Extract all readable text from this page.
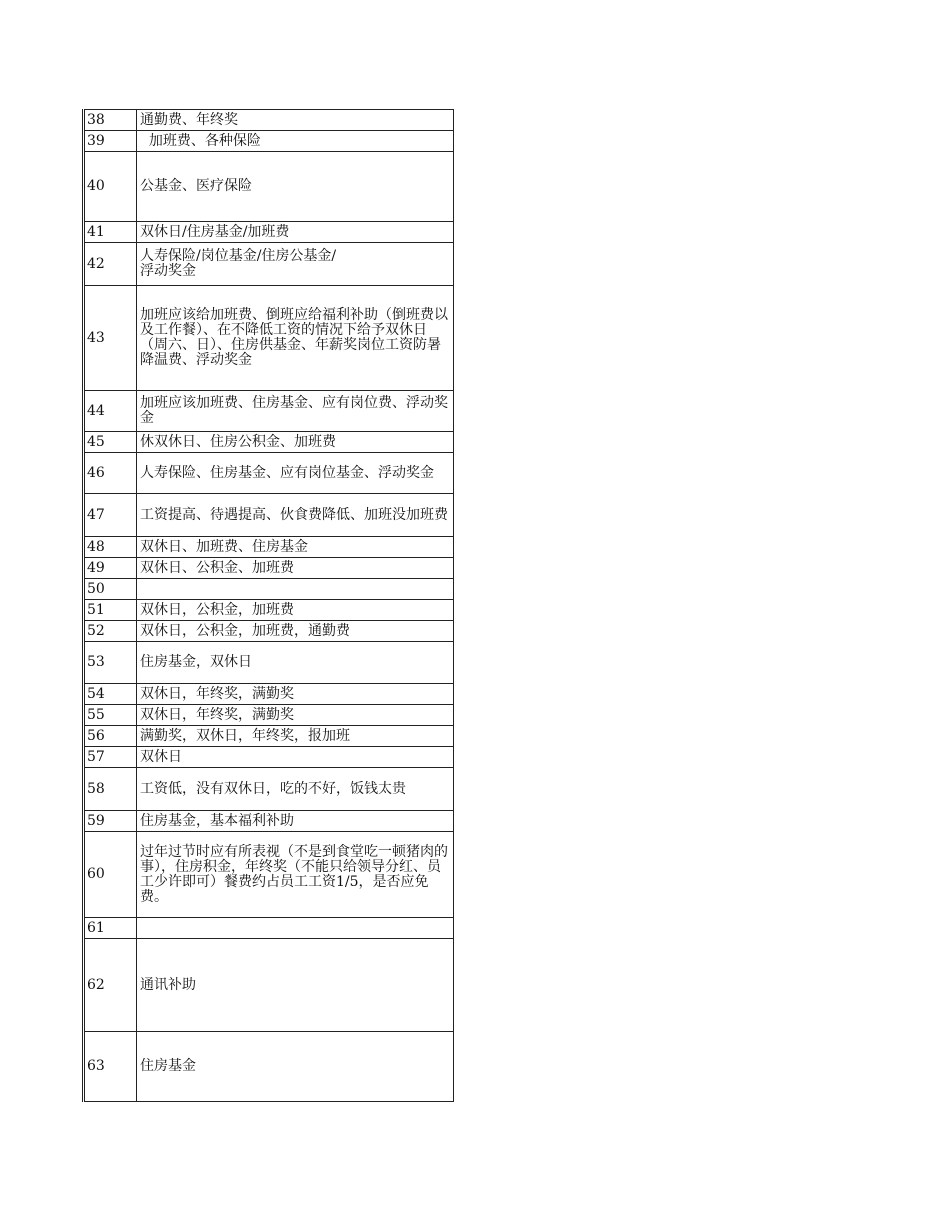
38	通勤费、年终奖
39	加班费、各种保险
40	公基金、医疗保险
41	双休日/住房基金/加班费
42	人寿保险/岗位基金/住房公基金/
浮动奖金
43	加班应该给加班费、倒班应给福利补助（倒班费以及工作餐）、在不降低工资的情况下给予双休日（周六、日）、住房供基金、年薪奖岗位工资防暑降温费、浮动奖金
44	加班应该加班费、住房基金、应有岗位费、浮动奖金
45	休双休日、住房公积金、加班费
46	人寿保险、住房基金、应有岗位基金、浮动奖金
47	工资提高、待遇提高、伙食费降低、加班没加班费
48	双休日、加班费、住房基金
49	双休日、公积金、加班费
50	
51	双休日，公积金，加班费
52	双休日，公积金，加班费，通勤费
53	住房基金，双休日
54	双休日，年终奖，满勤奖
55	双休日，年终奖，满勤奖
56	满勤奖，双休日，年终奖，报加班
57	双休日
58	工资低，没有双休日，吃的不好，饭钱太贵
59	住房基金，基本福利补助
60	过年过节时应有所表视（不是到食堂吃一顿猪肉的事），住房积金，年终奖（不能只给领导分红、员工少许即可）餐费约占员工工资1/5，是否应免费。
61	
62	通讯补助
63	住房基金
